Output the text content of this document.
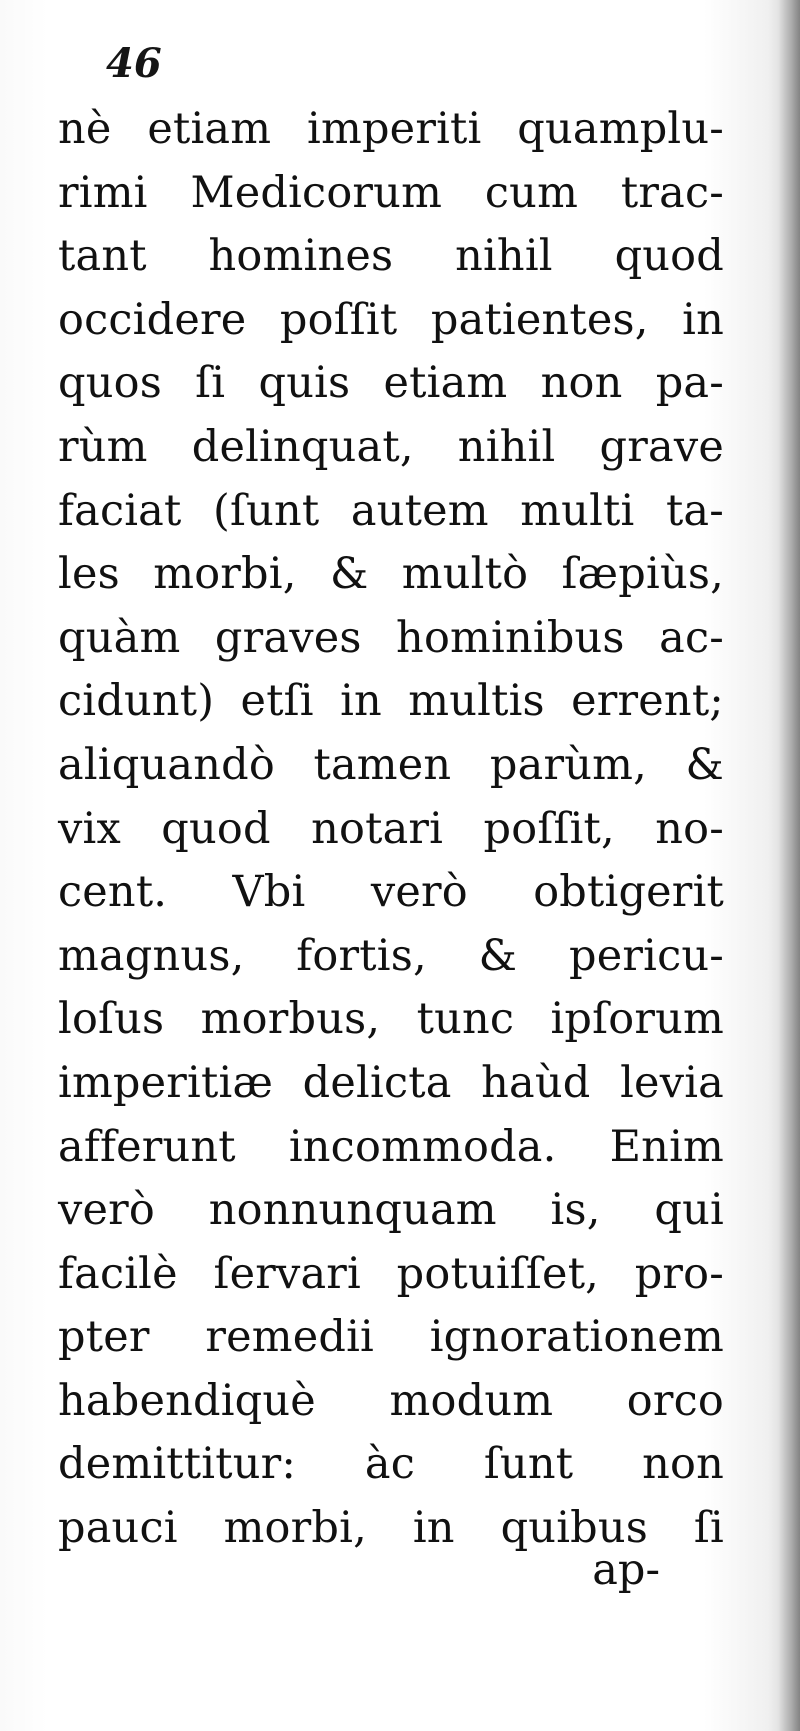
46

nè etiam imperiti quamplu-
rimi Medicorum cum trac-
tant homines nihil quod
occidere poſſit patientes, in
quos ſi quis etiam non pa-
rùm delinquat, nihil grave
faciat (ſunt autem multi ta-
les morbi, & multò ſæpiùs,
quàm graves hominibus ac-
cidunt) etſi in multis errent;
aliquandò tamen parùm, &
vix quod notari poſſit, no-
cent. Vbi verò obtigerit
magnus, fortis, & pericu-
loſus morbus, tunc ipſorum
imperitiæ delicta haùd levia
afferunt incommoda. Enim
verò nonnunquam is, qui
facilè ſervari potuiſſet, pro-
pter remedii ignorationem
habendiquè modum orco
demittitur: àc ſunt non
pauci morbi, in quibus ſi

ap-
